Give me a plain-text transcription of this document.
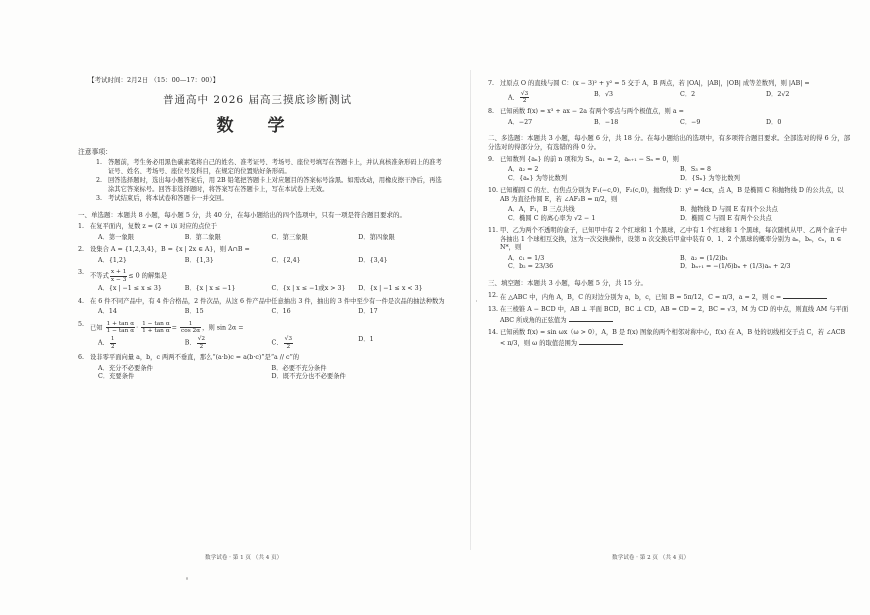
【考试时间：2月2日 （15：00—17：00）】
普通高中 2026 届高三摸底诊断测试
数 学
注意事项：
1. 答题前，考生务必用黑色碳素笔将自己的姓名、准考证号、考场号、座位号填写在答题卡上，并认真核准条形码上的准考证号、姓名、考场号、座位号及科目，在规定的位置贴好条形码。
2. 回答选择题时，选出每小题答案后，用 2B 铅笔把答题卡上对应题目的答案标号涂黑。如需改动，用橡皮擦干净后，再选涂其它答案标号。回答非选择题时，将答案写在答题卡上，写在本试卷上无效。
3. 考试结束后，将本试卷和答题卡一并交回。
一、单选题：本题共 8 小题，每小题 5 分，共 40 分，在每小题给出的四个选项中，只有一项是符合题目要求的。
1. 在复平面内，复数 z = (2 + i)i 对应的点位于
A．第一象限	B．第二象限	C．第三象限	D．第四象限
2. 设集合 A = {1,2,3,4}，B = {x | 2x ∈ A}，则 A∩B =
A．{1,2}	B．{1,3}	C．{2,4}	D．{3,4}
3. 不等式 $\frac{x + 1}{x - 3} \le 0$ 的解集是
A．{x | −1 ≤ x ≤ 3}	B．{x | x ≤ −1}	C．{x | x ≤ −1或x > 3}	D．{x | −1 ≤ x < 3}
4. 在 6 件不同产品中，有 4 件合格品，2 件次品，从这 6 件产品中任意抽出 3 件，抽出的 3 件中至少有一件是次品的抽法种数为
A．14	B．15	C．16	D．17
5. 已知 $\frac{\text{1 + tan α}}{\text{1 − tan α}} \cdot \frac{\text{1 − tan α}}{\text{1 + tan α}} = \frac{1}{\cos 2\alpha}$ ，则 sin 2α =
A． $\frac{1}{2}$	B． $\frac{√2}{2}$	C． $\frac{√3}{2}$	D．1
6. 设非零平面向量 a，b，c 两两不垂直，那么“(a·b)c = a(b·c)”是“a // c”的
A．充分不必要条件	B．必要不充分条件
C．充要条件	D．既不充分也不必要条件
数学试卷 · 第 1 页 （共 4 页）
7. 过原点 O 的直线与圆 C：(x − 3)² + y² = 5 交于 A，B 两点，若 |OA|，|AB|，|OB| 成等差数列，则 |AB| =
A． $\frac{√3}{2}$	B．√3	C．2	D．2√2
8. 已知函数 f(x) = x³ + ax − 2a 有两个零点与两个极值点，则 a =
A．−27	B．−18	C．−9	D．0
二、多选题：本题共 3 小题，每小题 6 分，共 18 分。在每小题给出的选项中，有多项符合题目要求。全部选对的得 6 分，部分选对的得部分分，有选错的得 0 分。
9. 已知数列 {aₙ} 的前 n 项和为 Sₙ，a₁ = 2，aₙ₊₁ − Sₙ = 0，则
A．a₂ = 2	B．S₃ = 8
C．{aₙ} 为等比数列	D．{Sₙ} 为等比数列
10. 已知椭圆 C 的左、右焦点分别为 F₁(−c,0)，F₂(c,0)，抛物线 D：y² = 4cx，点 A，B 是椭圆 C 和抛物线 D 的公共点，以 AB 为直径作圆 E，若 ∠AF₂B = π/2，则
A．A，F₁，B 三点共线	B．抛物线 D 与圆 E 有四个公共点
C．椭圆 C 的离心率为 √2 − 1	D．椭圆 C 与圆 E 有两个公共点
11. 甲、乙为两个不透明的盒子，已知甲中有 2 个红球和 1 个黑球，乙中有 1 个红球和 1 个黑球，每次随机从甲、乙两个盒子中各抽出 1 个球相互交换，这为一次交换操作，设第 n 次交换后甲盒中装有 0、1、2 个黑球的概率分别为 aₙ，bₙ，cₙ，n ∈ N*，则
A．c₁ = 1/3	B．a₂ = (1/2)b₁
C．b₂ = 23/36	D．bₙ₊₁ = −(1/6)bₙ + (1/3)aₙ + 2/3
三、填空题：本题共 3 小题，每小题 5 分，共 15 分。
12. 在 △ABC 中，内角 A，B，C 的对边分别为 a，b，c，已知 B = 5π/12，C = π/3，a = 2，则 c =
13. 在三棱锥 A − BCD 中，AB ⊥ 平面 BCD，BC ⊥ CD，AB = CD = 2，BC = √3，M 为 CD 的中点，则直线 AM 与平面 ABC 所成角的正弦值为
14. 已知函数 f(x) = sin ωx（ω > 0），A，B 是 f(x) 图象的两个相邻对称中心，f(x) 在 A，B 处的切线相交于点 C，若 ∠ACB < π/3，则 ω 的取值范围为
数学试卷 · 第 2 页 （共 4 页）
